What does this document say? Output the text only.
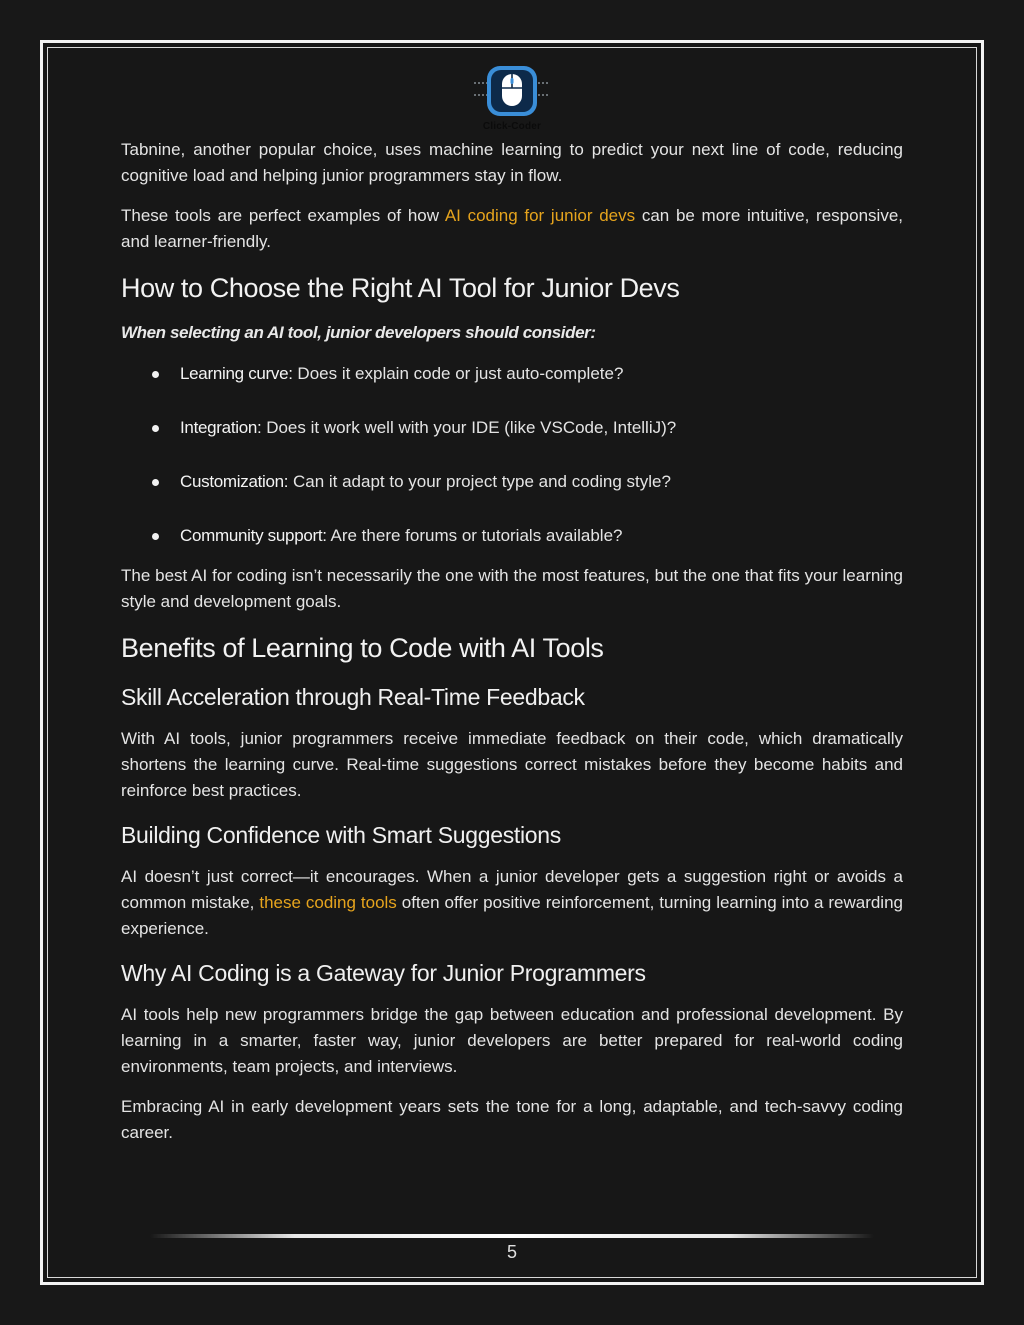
Click-Coder

Tabnine, another popular choice, uses machine learning to predict your next line of code, reducing cognitive load and helping junior programmers stay in flow.

These tools are perfect examples of how AI coding for junior devs can be more intuitive, responsive, and learner-friendly.

How to Choose the Right AI Tool for Junior Devs
When selecting an AI tool, junior developers should consider:
Learning curve: Does it explain code or just auto-complete?
Integration: Does it work well with your IDE (like VSCode, IntelliJ)?
Customization: Can it adapt to your project type and coding style?
Community support: Are there forums or tutorials available?

The best AI for coding isn’t necessarily the one with the most features, but the one that fits your learning style and development goals.

Benefits of Learning to Code with AI Tools
Skill Acceleration through Real-Time Feedback

With AI tools, junior programmers receive immediate feedback on their code, which dramatically shortens the learning curve. Real-time suggestions correct mistakes before they become habits and reinforce best practices.

Building Confidence with Smart Suggestions

AI doesn’t just correct—it encourages. When a junior developer gets a suggestion right or avoids a common mistake, these coding tools often offer positive reinforcement, turning learning into a rewarding experience.

Why AI Coding is a Gateway for Junior Programmers

AI tools help new programmers bridge the gap between education and professional development. By learning in a smarter, faster way, junior developers are better prepared for real-world coding environments, team projects, and interviews.

Embracing AI in early development years sets the tone for a long, adaptable, and tech-savvy coding career.

5
